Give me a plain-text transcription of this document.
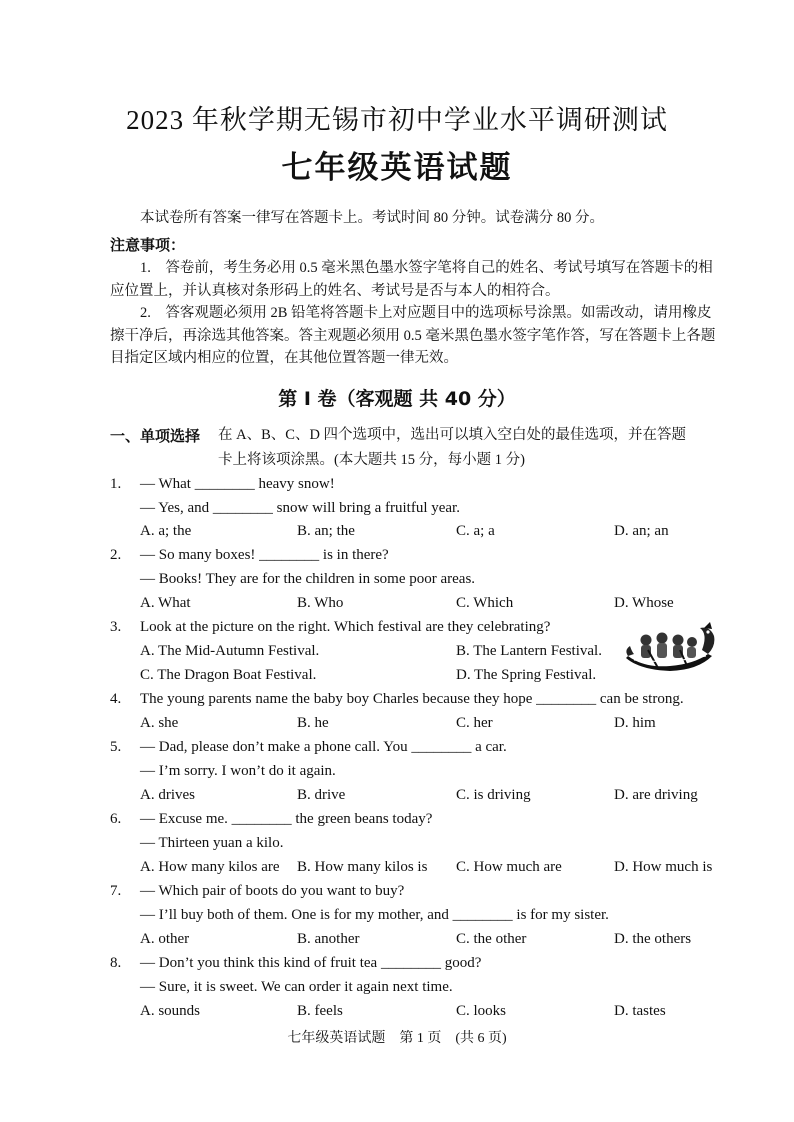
2023 年秋学期无锡市初中学业水平调研测试
七年级英语试题
本试卷所有答案一律写在答题卡上。考试时间 80 分钟。试卷满分 80 分。
注意事项：
1.　答卷前，考生务必用 0.5 毫米黑色墨水签字笔将自己的姓名、考试号填写在答题卡的相应位置上，并认真核对条形码上的姓名、考试号是否与本人的相符合。
2.　答客观题必须用 2B 铅笔将答题卡上对应题目中的选项标号涂黑。如需改动，请用橡皮擦干净后，再涂选其他答案。答主观题必须用 0.5 毫米黑色墨水签字笔作答，写在答题卡上各题目指定区域内相应的位置，在其他位置答题一律无效。
第 I 卷（客观题 共 40 分）
一、单项选择 在 A、B、C、D 四个选项中，选出可以填入空白处的最佳选项，并在答题
卡上将该项涂黑。(本大题共 15 分，每小题 1 分)
1. — What ________ heavy snow!
— Yes, and ________ snow will bring a fruitful year.
A. a; the	B. an; the	C. a; a	D. an; an
2. — So many boxes! ________ is in there?
— Books! They are for the children in some poor areas.
A. What	B. Who	C. Which	D. Whose
3. Look at the picture on the right. Which festival are they celebrating?
A. The Mid-Autumn Festival.	B. The Lantern Festival.
C. The Dragon Boat Festival.	D. The Spring Festival.
4. The young parents name the baby boy Charles because they hope ________ can be strong.
A. she	B. he	C. her	D. him
5. — Dad, please don’t make a phone call. You ________ a car.
— I’m sorry. I won’t do it again.
A. drives	B. drive	C. is driving	D. are driving
6. — Excuse me. ________ the green beans today?
— Thirteen yuan a kilo.
A. How many kilos are B. How many kilos is C. How much are	D. How much is
7. — Which pair of boots do you want to buy?
— I’ll buy both of them. One is for my mother, and ________ is for my sister.
A. other	B. another	C. the other	D. the others
8. — Don’t you think this kind of fruit tea ________ good?
— Sure, it is sweet. We can order it again next time.
A. sounds	B. feels	C. looks	D. tastes
七年级英语试题　第 1 页　(共 6 页)
